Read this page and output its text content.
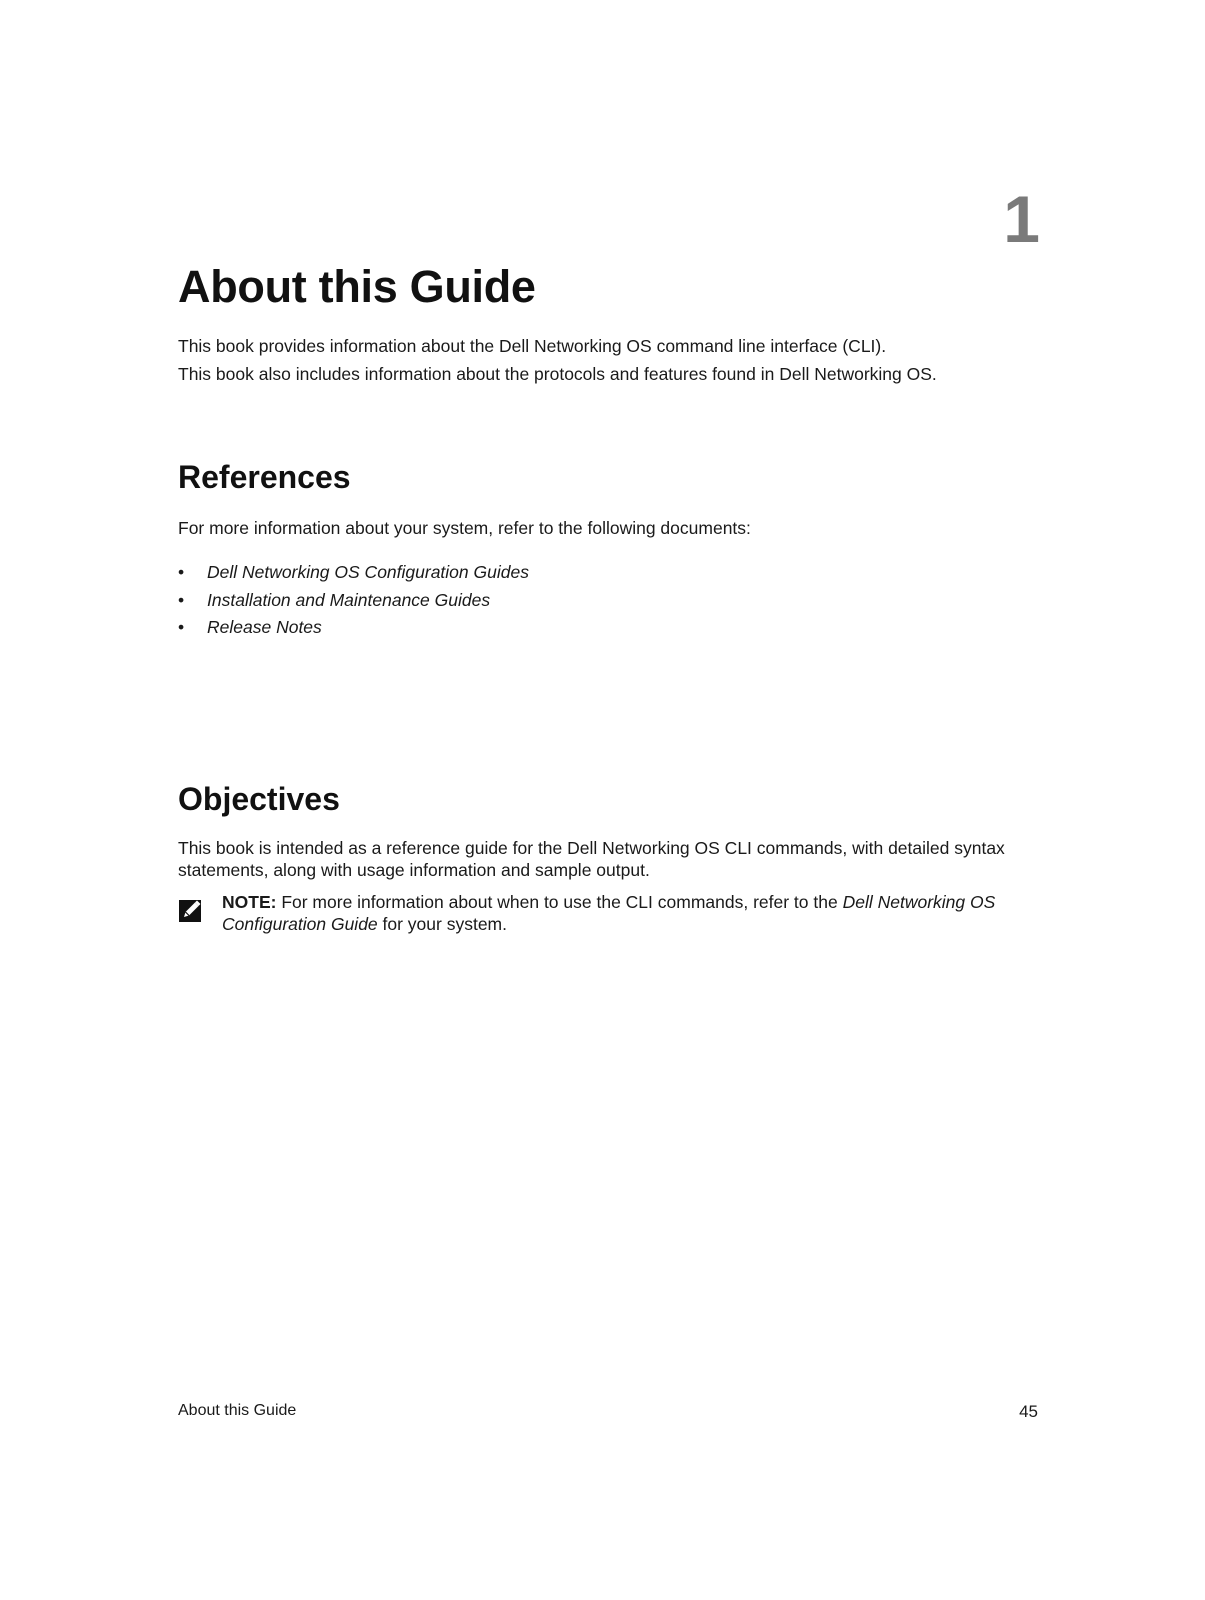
1
About this Guide

This book provides information about the Dell Networking OS command line interface (CLI).

This book also includes information about the protocols and features found in Dell Networking OS.

References

For more information about your system, refer to the following documents:

• Dell Networking OS Configuration Guides
• Installation and Maintenance Guides
• Release Notes
Objectives

This book is intended as a reference guide for the Dell Networking OS CLI commands, with detailed syntax statements, along with usage information and sample output.

NOTE: For more information about when to use the CLI commands, refer to the Dell Networking OS Configuration Guide for your system.

About this Guide	45
